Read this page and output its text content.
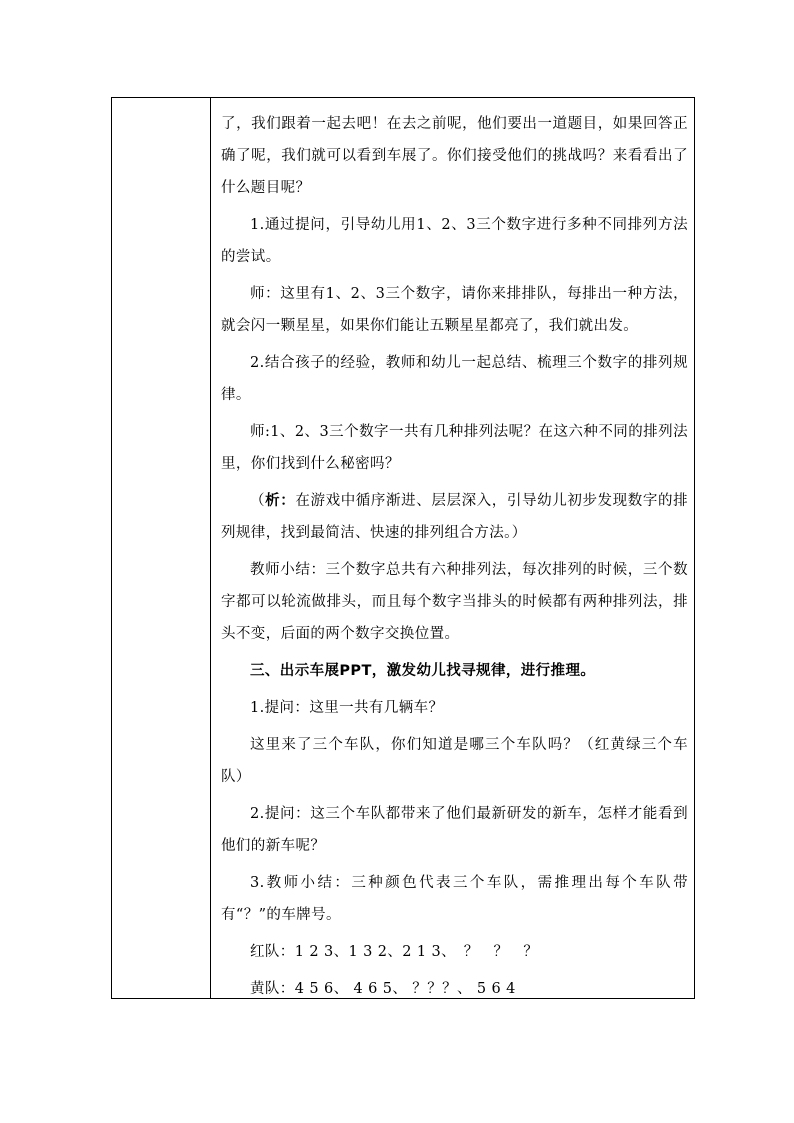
了，我们跟着一起去吧！在去之前呢，他们要出一道题目，如果回答正确了呢，我们就可以看到车展了。你们接受他们的挑战吗？来看看出了什么题目呢？

1.通过提问，引导幼儿用1、2、3三个数字进行多种不同排列方法的尝试。

师：这里有1、2、3三个数字，请你来排排队，每排出一种方法，就会闪一颗星星，如果你们能让五颗星星都亮了，我们就出发。

2.结合孩子的经验，教师和幼儿一起总结、梳理三个数字的排列规律。

师:1、2、3三个数字一共有几种排列法呢？在这六种不同的排列法里，你们找到什么秘密吗？

（析：在游戏中循序渐进、层层深入，引导幼儿初步发现数字的排列规律，找到最简洁、快速的排列组合方法。）

教师小结：三个数字总共有六种排列法，每次排列的时候，三个数字都可以轮流做排头，而且每个数字当排头的时候都有两种排列法，排头不变，后面的两个数字交换位置。

三、出示车展PPT，激发幼儿找寻规律，进行推理。

1.提问：这里一共有几辆车？

这里来了三个车队，你们知道是哪三个车队吗？（红黄绿三个车队）

2.提问：这三个车队都带来了他们最新研发的新车，怎样才能看到他们的新车呢？

3.教师小结：三种颜色代表三个车队，需推理出每个车队带有“？”的车牌号。

红队：1 2 3、1 3 2、2 1 3、　？　？　？

黄队：4 5 6、 4 6 5、 ？？？、 5 6 4
